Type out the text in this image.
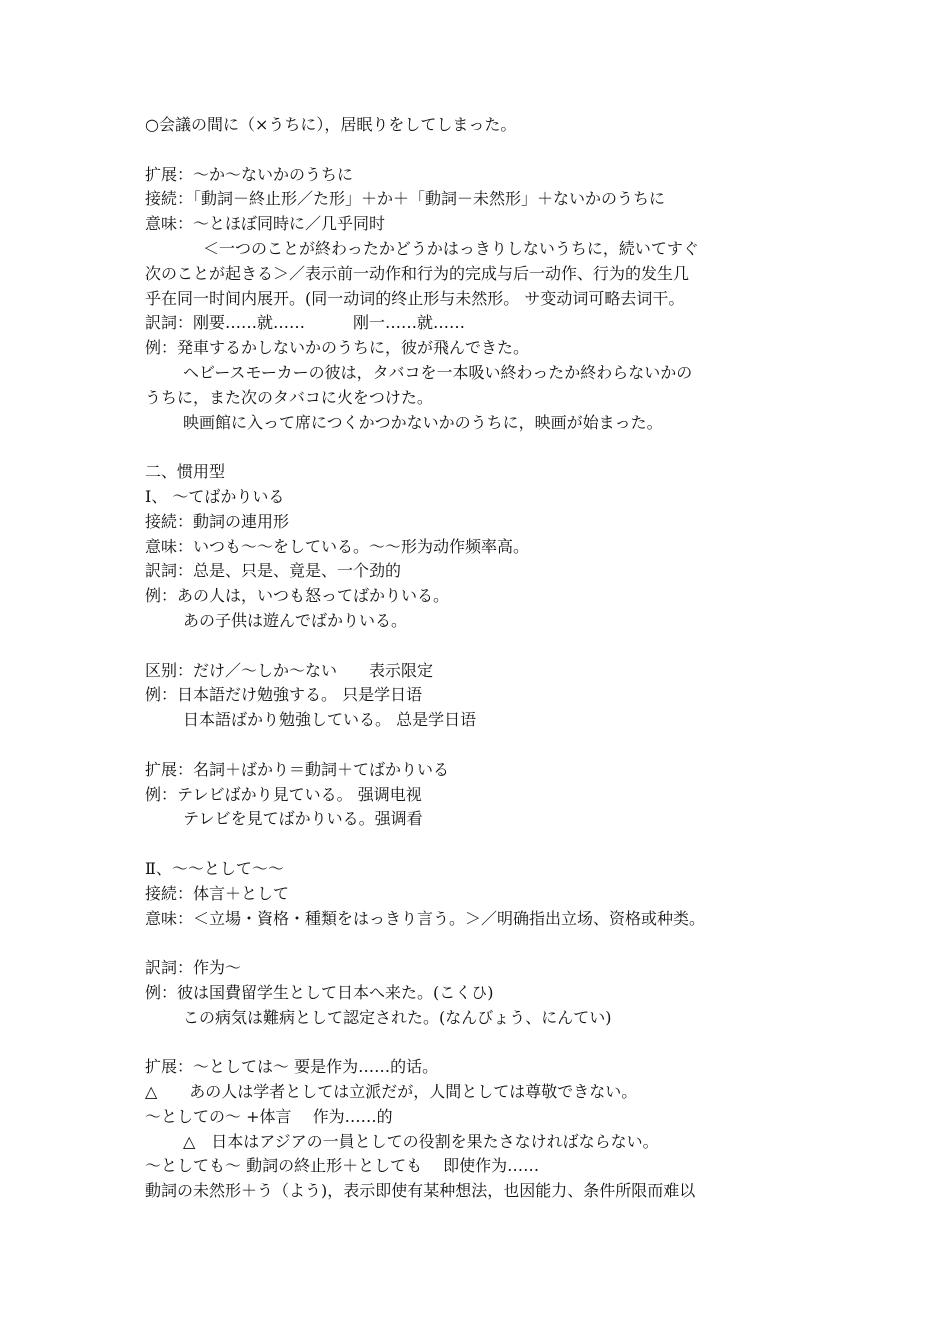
○会議の間に（×うちに），居眠りをしてしまった。
扩展：～か～ないかのうちに
接続：「動詞－終止形／た形」＋か＋「動詞－未然形」＋ないかのうちに
意味：～とほぼ同時に／几乎同时
＜一つのことが終わったかどうかはっきりしないうちに，続いてすぐ
次のことが起きる＞／表示前一动作和行为的完成与后一动作、行为的发生几
乎在同一时间内展开。(同一动词的终止形与未然形。 サ变动词可略去词干。
訳詞：刚要……就……　　　刚一……就……
例：発車するかしないかのうちに，彼が飛んできた。
ヘビースモーカーの彼は，タバコを一本吸い終わったか終わらないかの
うちに，また次のタバコに火をつけた。
映画館に入って席につくかつかないかのうちに，映画が始まった。
二、惯用型
Ⅰ、 ～てばかりいる
接続：動詞の連用形
意味：いつも～～をしている。～～形为动作频率高。
訳詞：总是、只是、竟是、一个劲的
例：あの人は，いつも怒ってばかりいる。
あの子供は遊んでばかりいる。
区别：だけ／～しか～ない　　表示限定
例：日本語だけ勉強する。 只是学日语
日本語ばかり勉強している。 总是学日语
扩展：名詞＋ばかり＝動詞＋てばかりいる
例：テレビばかり見ている。 强调电视
テレビを見てばかりいる。强调看
Ⅱ、～～として～～
接続：体言＋として
意味：＜立場・資格・種類をはっきり言う。＞／明确指出立场、资格或种类。
訳詞：作为～
例：彼は国費留学生として日本へ来た。(こくひ)
この病気は難病として認定された。(なんびょう、にんてい)
扩展：～としては～ 要是作为……的话。
△　　あの人は学者としては立派だが，人間としては尊敬できない。
～としての～ +体言　 作为……的
△　日本はアジアの一員としての役割を果たさなければならない。
～としても～ 動詞の終止形＋としても　 即使作为……
動詞の未然形＋う（よう)，表示即使有某种想法，也因能力、条件所限而难以
